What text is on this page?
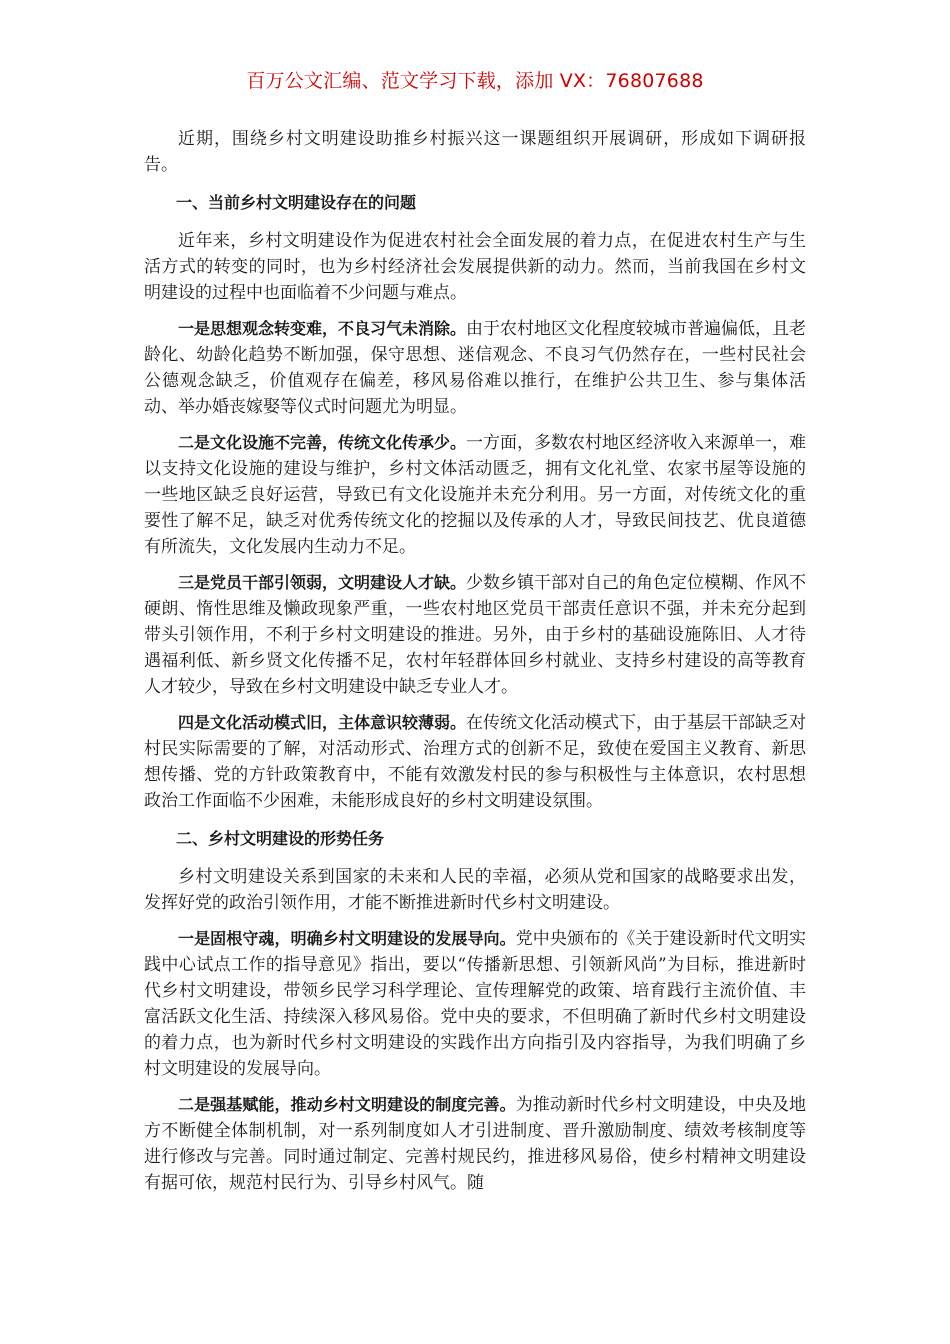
百万公文汇编、范文学习下载，添加 VX：76807688

近期，围绕乡村文明建设助推乡村振兴这一课题组织开展调研，形成如下调研报告。

一、当前乡村文明建设存在的问题

近年来，乡村文明建设作为促进农村社会全面发展的着力点，在促进农村生产与生活方式的转变的同时，也为乡村经济社会发展提供新的动力。然而，当前我国在乡村文明建设的过程中也面临着不少问题与难点。

一是思想观念转变难，不良习气未消除。由于农村地区文化程度较城市普遍偏低，且老龄化、幼龄化趋势不断加强，保守思想、迷信观念、不良习气仍然存在，一些村民社会公德观念缺乏，价值观存在偏差，移风易俗难以推行，在维护公共卫生、参与集体活动、举办婚丧嫁娶等仪式时问题尤为明显。

二是文化设施不完善，传统文化传承少。一方面，多数农村地区经济收入来源单一，难以支持文化设施的建设与维护，乡村文体活动匮乏，拥有文化礼堂、农家书屋等设施的一些地区缺乏良好运营，导致已有文化设施并未充分利用。另一方面，对传统文化的重要性了解不足，缺乏对优秀传统文化的挖掘以及传承的人才，导致民间技艺、优良道德有所流失，文化发展内生动力不足。

三是党员干部引领弱，文明建设人才缺。少数乡镇干部对自己的角色定位模糊、作风不硬朗、惰性思维及懒政现象严重，一些农村地区党员干部责任意识不强，并未充分起到带头引领作用，不利于乡村文明建设的推进。另外，由于乡村的基础设施陈旧、人才待遇福利低、新乡贤文化传播不足，农村年轻群体回乡村就业、支持乡村建设的高等教育人才较少，导致在乡村文明建设中缺乏专业人才。

四是文化活动模式旧，主体意识较薄弱。在传统文化活动模式下，由于基层干部缺乏对村民实际需要的了解，对活动形式、治理方式的创新不足，致使在爱国主义教育、新思想传播、党的方针政策教育中，不能有效激发村民的参与积极性与主体意识，农村思想政治工作面临不少困难，未能形成良好的乡村文明建设氛围。

二、乡村文明建设的形势任务

乡村文明建设关系到国家的未来和人民的幸福，必须从党和国家的战略要求出发，发挥好党的政治引领作用，才能不断推进新时代乡村文明建设。

一是固根守魂，明确乡村文明建设的发展导向。党中央颁布的《关于建设新时代文明实践中心试点工作的指导意见》指出，要以“传播新思想、引领新风尚”为目标，推进新时代乡村文明建设，带领乡民学习科学理论、宣传理解党的政策、培育践行主流价值、丰富活跃文化生活、持续深入移风易俗。党中央的要求，不但明确了新时代乡村文明建设的着力点，也为新时代乡村文明建设的实践作出方向指引及内容指导，为我们明确了乡村文明建设的发展导向。

二是强基赋能，推动乡村文明建设的制度完善。为推动新时代乡村文明建设，中央及地方不断健全体制机制，对一系列制度如人才引进制度、晋升激励制度、绩效考核制度等进行修改与完善。同时通过制定、完善村规民约，推进移风易俗，使乡村精神文明建设有据可依，规范村民行为、引导乡村风气。随
